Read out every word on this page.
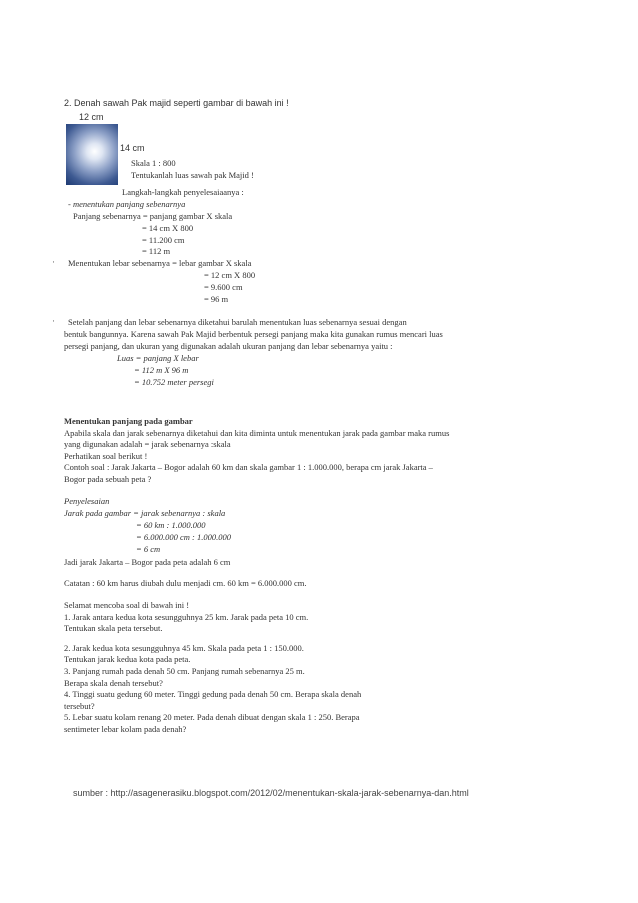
2. Denah sawah Pak majid seperti gambar di bawah ini !
12 cm
14 cm
Skala 1 : 800
Tentukanlah luas sawah pak Majid !
Langkah-langkah penyelesaiaanya :
- menentukan panjang sebenarnya
Panjang sebenarnya = panjang gambar X skala
= 14 cm X 800
= 11.200 cm
= 112 m
· Menentukan lebar sebenarnya = lebar gambar X skala
= 12 cm X 800
= 9.600 cm
= 96 m
· Setelah panjang dan lebar sebenarnya diketahui barulah menentukan luas sebenarnya sesuai dengan
bentuk bangunnya. Karena sawah Pak Majid berbentuk persegi panjang maka kita gunakan rumus mencari luas
persegi panjang, dan ukuran yang digunakan adalah ukuran panjang dan lebar sebenarnya yaitu :
Luas = panjang X lebar
= 112 m X 96 m
= 10.752 meter persegi
Menentukan panjang pada gambar
Apabila skala dan jarak sebenarnya diketahui dan kita diminta untuk menentukan jarak pada gambar maka rumus
yang digunakan adalah = jarak sebenarnya :skala
Perhatikan soal berikut !
Contoh soal : Jarak Jakarta – Bogor adalah 60 km dan skala gambar 1 : 1.000.000, berapa cm jarak Jakarta –
Bogor pada sebuah peta ?
Penyelesaian
Jarak pada gambar = jarak sebenarnya : skala
= 60 km : 1.000.000
= 6.000.000 cm : 1.000.000
= 6 cm
Jadi jarak Jakarta – Bogor pada peta adalah 6 cm
Catatan : 60 km harus diubah dulu menjadi cm. 60 km = 6.000.000 cm.
Selamat mencoba soal di bawah ini !
1. Jarak antara kedua kota sesungguhnya 25 km. Jarak pada peta 10 cm.
Tentukan skala peta tersebut.
2. Jarak kedua kota sesungguhnya 45 km. Skala pada peta 1 : 150.000.
Tentukan jarak kedua kota pada peta.
3. Panjang rumah pada denah 50 cm. Panjang rumah sebenarnya 25 m.
Berapa skala denah tersebut?
4. Tinggi suatu gedung 60 meter. Tinggi gedung pada denah 50 cm. Berapa skala denah
tersebut?
5. Lebar suatu kolam renang 20 meter. Pada denah dibuat dengan skala 1 : 250. Berapa
sentimeter lebar kolam pada denah?
sumber : http://asagenerasiku.blogspot.com/2012/02/menentukan-skala-jarak-sebenarnya-dan.html
